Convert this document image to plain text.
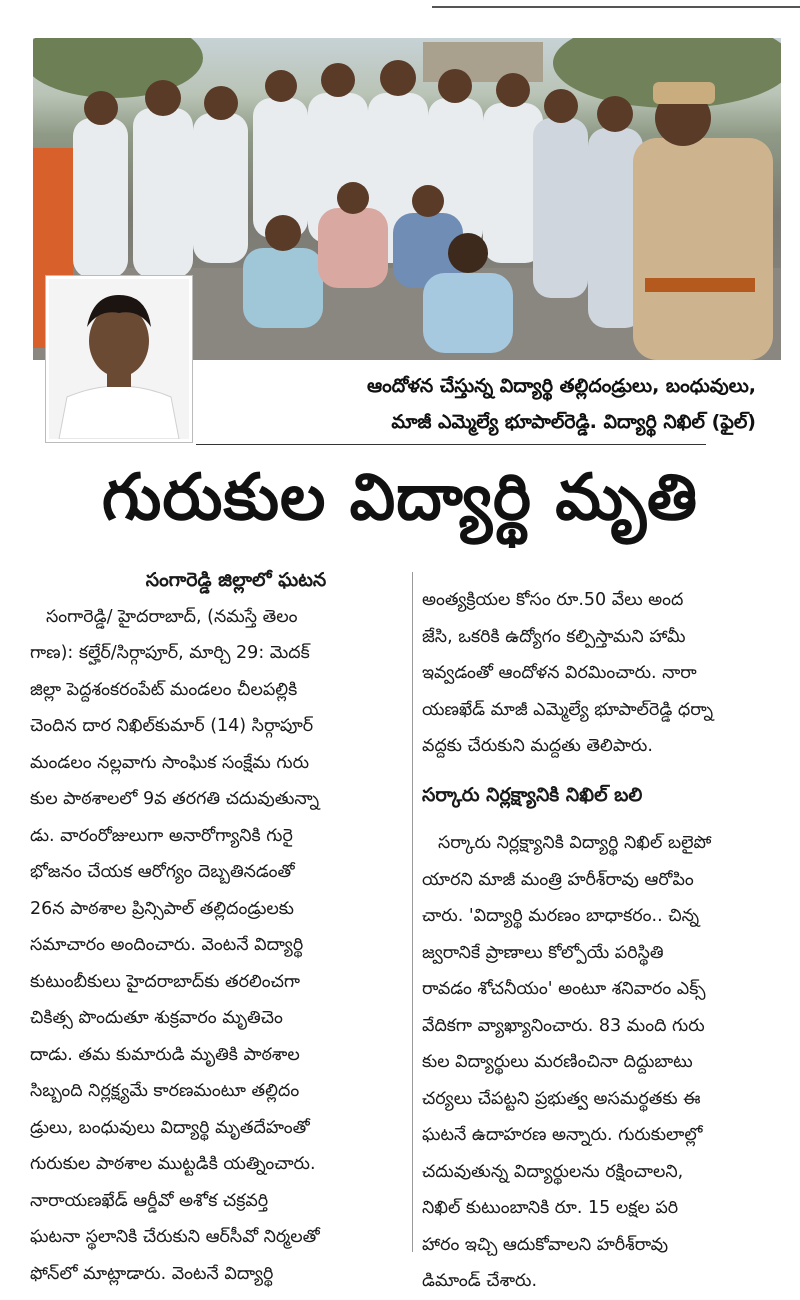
ఆందోళన చేస్తున్న విద్యార్థి తల్లిదండ్రులు, బంధువులు,
మాజీ ఎమ్మెల్యే భూపాల్‌రెడ్డి. విద్యార్థి నిఖిల్ (ఫైల్)
గురుకుల విద్యార్థి మృతి

సంగారెడ్డి జిల్లాలో ఘటన

సంగారెడ్డి/ హైదరాబాద్, (నమస్తే తెలం

గాణ): కల్హేర్/సిర్గాపూర్, మార్చి 29: మెదక్

జిల్లా పెద్దశంకరంపేట్ మండలం చీలపల్లికి

చెందిన దార నిఖిల్‌కుమార్ (14) సిర్గాపూర్

మండలం నల్లవాగు సాంఘిక సంక్షేమ గురు

కుల పాఠశాలలో 9వ తరగతి చదువుతున్నా

డు. వారంరోజులుగా అనారోగ్యానికి గురై

భోజనం చేయక ఆరోగ్యం దెబ్బతినడంతో

26న పాఠశాల ప్రిన్సిపాల్ తల్లిదండ్రులకు

సమాచారం అందించారు. వెంటనే విద్యార్థి

కుటుంబీకులు హైదరాబాద్‌కు తరలించగా

చికిత్స పొందుతూ శుక్రవారం మృతిచెం

దాడు. తమ కుమారుడి మృతికి పాఠశాల

సిబ్బంది నిర్లక్ష్యమే కారణమంటూ తల్లిదం

డ్రులు, బంధువులు విద్యార్థి మృతదేహంతో

గురుకుల పాఠశాల ముట్టడికి యత్నించారు.

నారాయణఖేడ్ ఆర్డీవో అశోక చక్రవర్తి

ఘటనా స్థలానికి చేరుకుని ఆర్‌సీవో నిర్మలతో

ఫోన్‌లో మాట్లాడారు. వెంటనే విద్యార్థి

అంత్యక్రియల కోసం రూ.50 వేలు అంద

జేసి, ఒకరికి ఉద్యోగం కల్పిస్తామని హామీ

ఇవ్వడంతో ఆందోళన విరమించారు. నారా

యణఖేడ్ మాజీ ఎమ్మెల్యే భూపాల్‌రెడ్డి ధర్నా

వద్దకు చేరుకుని మద్దతు తెలిపారు.

సర్కారు నిర్లక్ష్యానికి నిఖిల్ బలి

సర్కారు నిర్లక్ష్యానికి విద్యార్థి నిఖిల్ బలైపో

యారని మాజీ మంత్రి హరీశ్‌రావు ఆరోపిం

చారు. 'విద్యార్థి మరణం బాధాకరం.. చిన్న

జ్వరానికే ప్రాణాలు కోల్పోయే పరిస్థితి

రావడం శోచనీయం' అంటూ శనివారం ఎక్స్

వేదికగా వ్యాఖ్యానించారు. 83 మంది గురు

కుల విద్యార్థులు మరణించినా దిద్దుబాటు

చర్యలు చేపట్టని ప్రభుత్వ అసమర్థతకు ఈ

ఘటనే ఉదాహరణ అన్నారు. గురుకులాల్లో

చదువుతున్న విద్యార్థులను రక్షించాలని,

నిఖిల్ కుటుంబానికి రూ. 15 లక్షల పరి

హారం ఇచ్చి ఆదుకోవాలని హరీశ్‌రావు

డిమాండ్ చేశారు.
